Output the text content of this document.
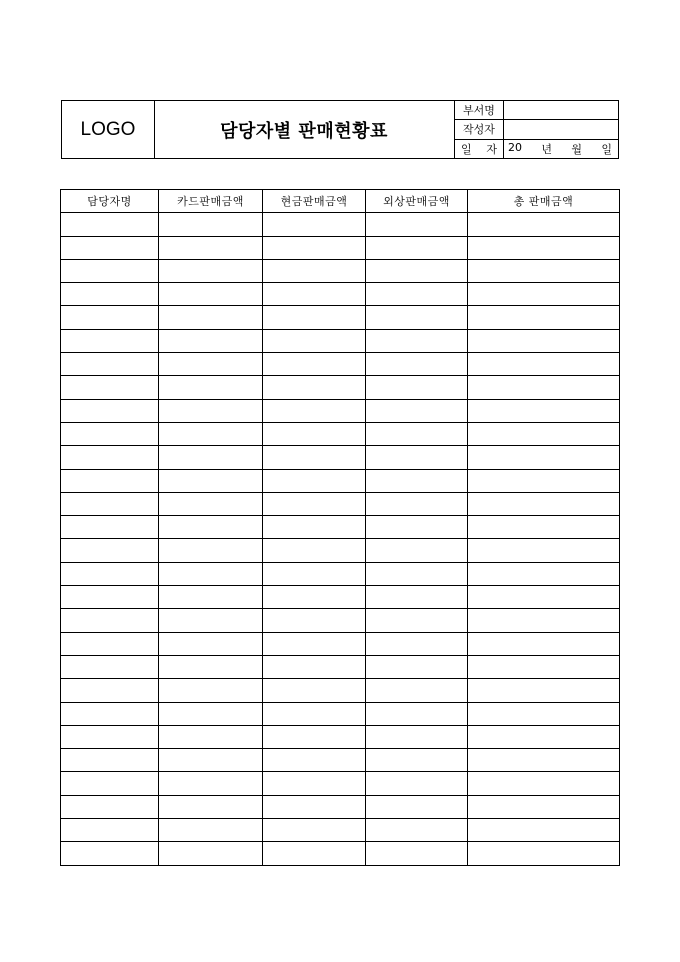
LOGO	담당자별 판매현황표
부서명	
작성자	

일 자	20 년 월 일
담당자명	카드판매금액	현금판매금액	외상판매금액	총 판매금액
